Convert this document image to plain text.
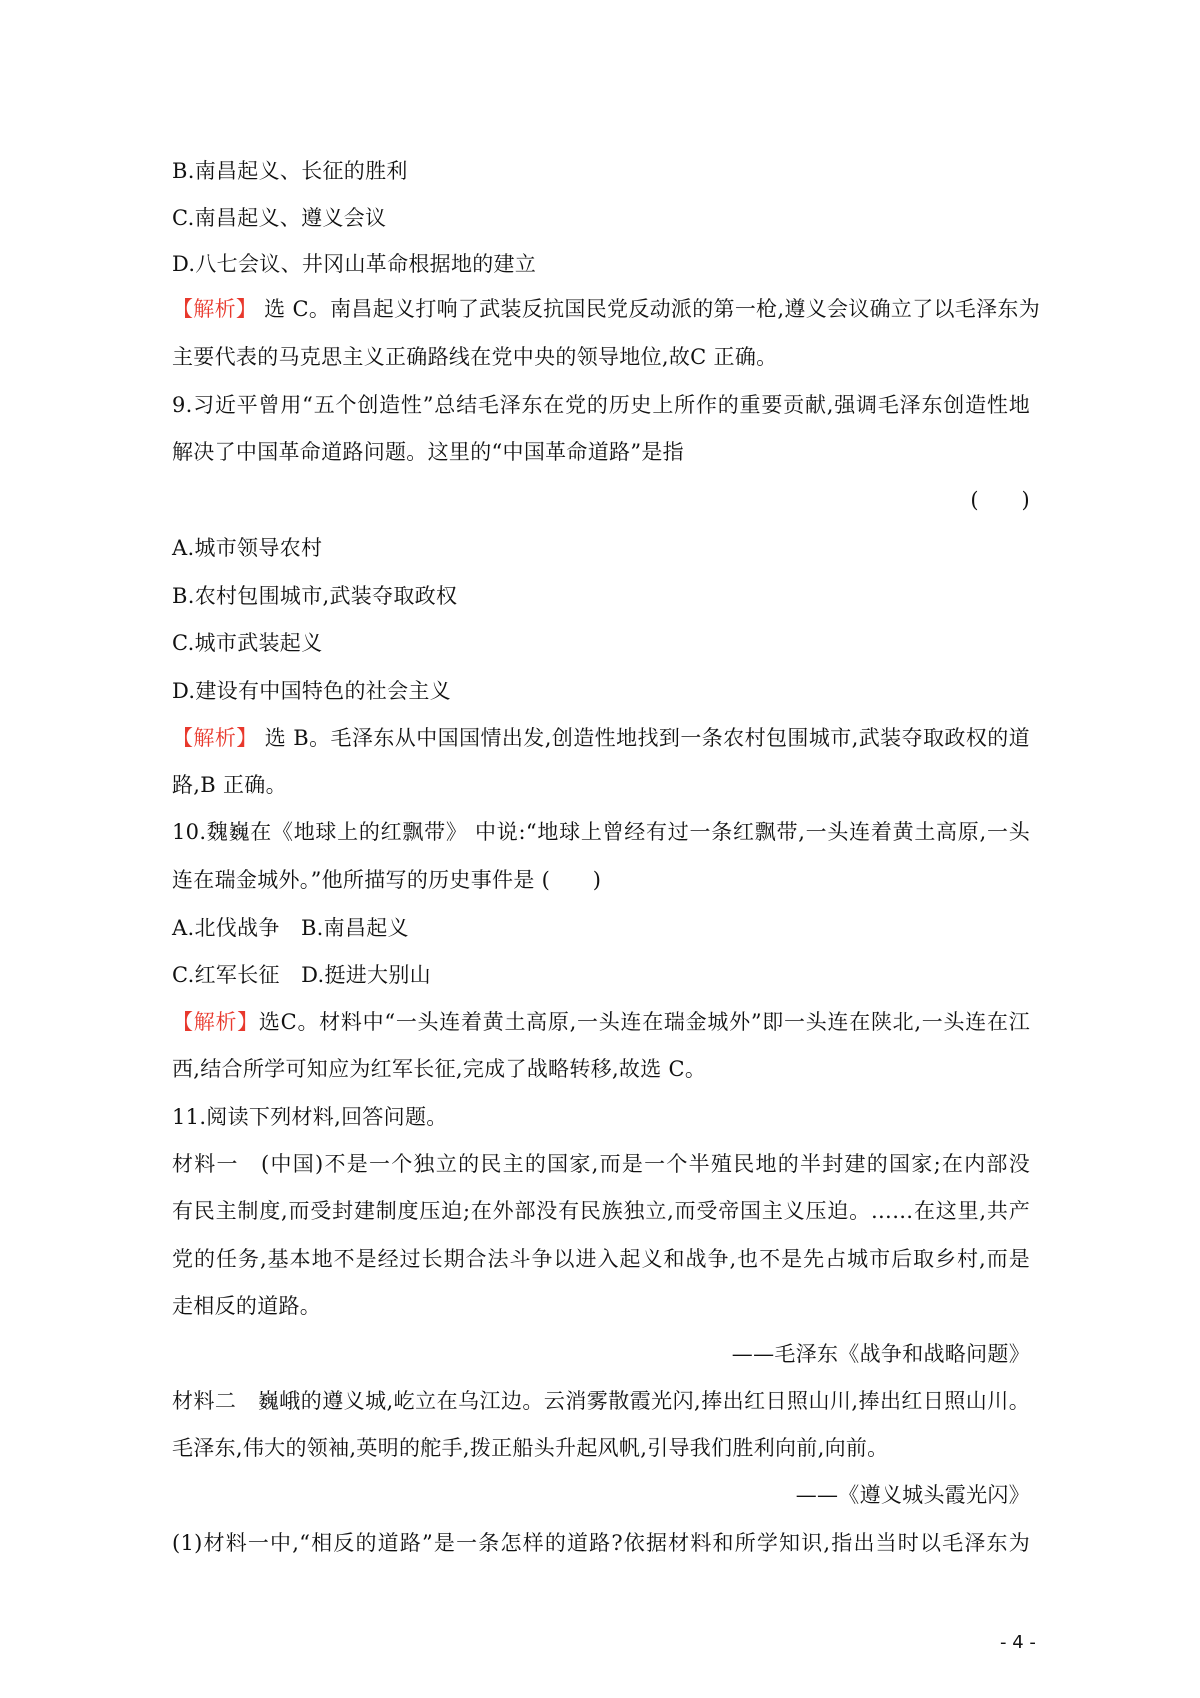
B.南昌起义、长征的胜利
C.南昌起义、遵义会议
D.八七会议、井冈山革命根据地的建立
【解析】 选 C。南昌起义打响了武装反抗国民党反动派的第一枪,遵义会议确立了以毛泽东为
主要代表的马克思主义正确路线在党中央的领导地位,故C 正确。
9.习近平曾用“五个创造性”总结毛泽东在党的历史上所作的重要贡献,强调毛泽东创造性地
解决了中国革命道路问题。这里的“中国革命道路”是指
(　　)
A.城市领导农村
B.农村包围城市,武装夺取政权
C.城市武装起义
D.建设有中国特色的社会主义
【解析】 选 B。毛泽东从中国国情出发,创造性地找到一条农村包围城市,武装夺取政权的道
路,B 正确。
10.魏巍在《地球上的红飘带》 中说:“地球上曾经有过一条红飘带,一头连着黄土高原,一头
连在瑞金城外。”他所描写的历史事件是 (　　)
A.北伐战争　B.南昌起义
C.红军长征　D.挺进大别山
【解析】选C。材料中“一头连着黄土高原,一头连在瑞金城外”即一头连在陕北,一头连在江
西,结合所学可知应为红军长征,完成了战略转移,故选 C。
11.阅读下列材料,回答问题。
材料一　(中国)不是一个独立的民主的国家,而是一个半殖民地的半封建的国家;在内部没
有民主制度,而受封建制度压迫;在外部没有民族独立,而受帝国主义压迫。……在这里,共产
党的任务,基本地不是经过长期合法斗争以进入起义和战争,也不是先占城市后取乡村,而是
走相反的道路。
——毛泽东《战争和战略问题》
材料二　巍峨的遵义城,屹立在乌江边。云消雾散霞光闪,捧出红日照山川,捧出红日照山川。
毛泽东,伟大的领袖,英明的舵手,拨正船头升起风帆,引导我们胜利向前,向前。
——《遵义城头霞光闪》
(1)材料一中,“相反的道路”是一条怎样的道路?依据材料和所学知识,指出当时以毛泽东为
- 4 -
